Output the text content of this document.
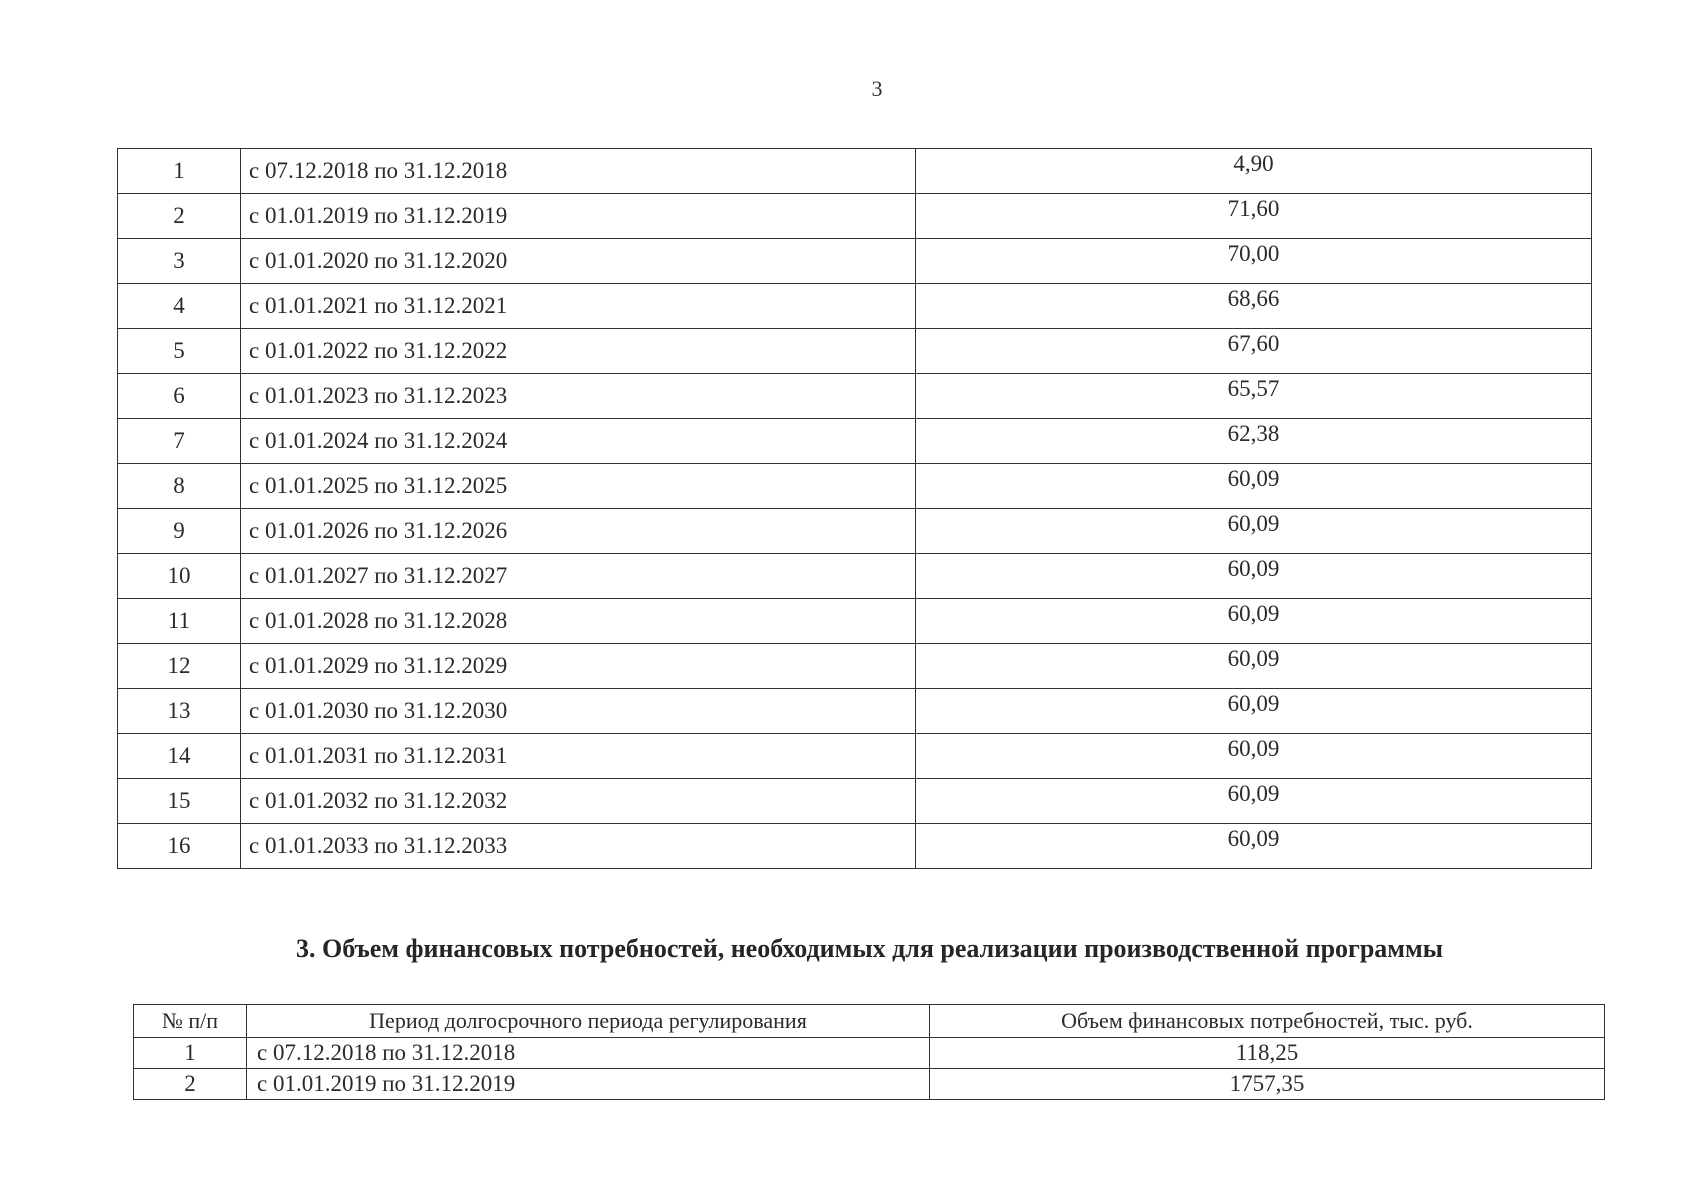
3
1	с 07.12.2018 по 31.12.2018	4,90
2	с 01.01.2019 по 31.12.2019	71,60
3	с 01.01.2020 по 31.12.2020	70,00
4	с 01.01.2021 по 31.12.2021	68,66
5	с 01.01.2022 по 31.12.2022	67,60
6	с 01.01.2023 по 31.12.2023	65,57
7	с 01.01.2024 по 31.12.2024	62,38
8	с 01.01.2025 по 31.12.2025	60,09
9	с 01.01.2026 по 31.12.2026	60,09
10	с 01.01.2027 по 31.12.2027	60,09
11	с 01.01.2028 по 31.12.2028	60,09
12	с 01.01.2029 по 31.12.2029	60,09
13	с 01.01.2030 по 31.12.2030	60,09
14	с 01.01.2031 по 31.12.2031	60,09
15	с 01.01.2032 по 31.12.2032	60,09
16	с 01.01.2033 по 31.12.2033	60,09
3. Объем финансовых потребностей, необходимых для реализации производственной программы
№ п/п	Период долгосрочного периода регулирования	Объем финансовых потребностей, тыс. руб.
1	с 07.12.2018 по 31.12.2018	118,25
2	с 01.01.2019 по 31.12.2019	1757,35
